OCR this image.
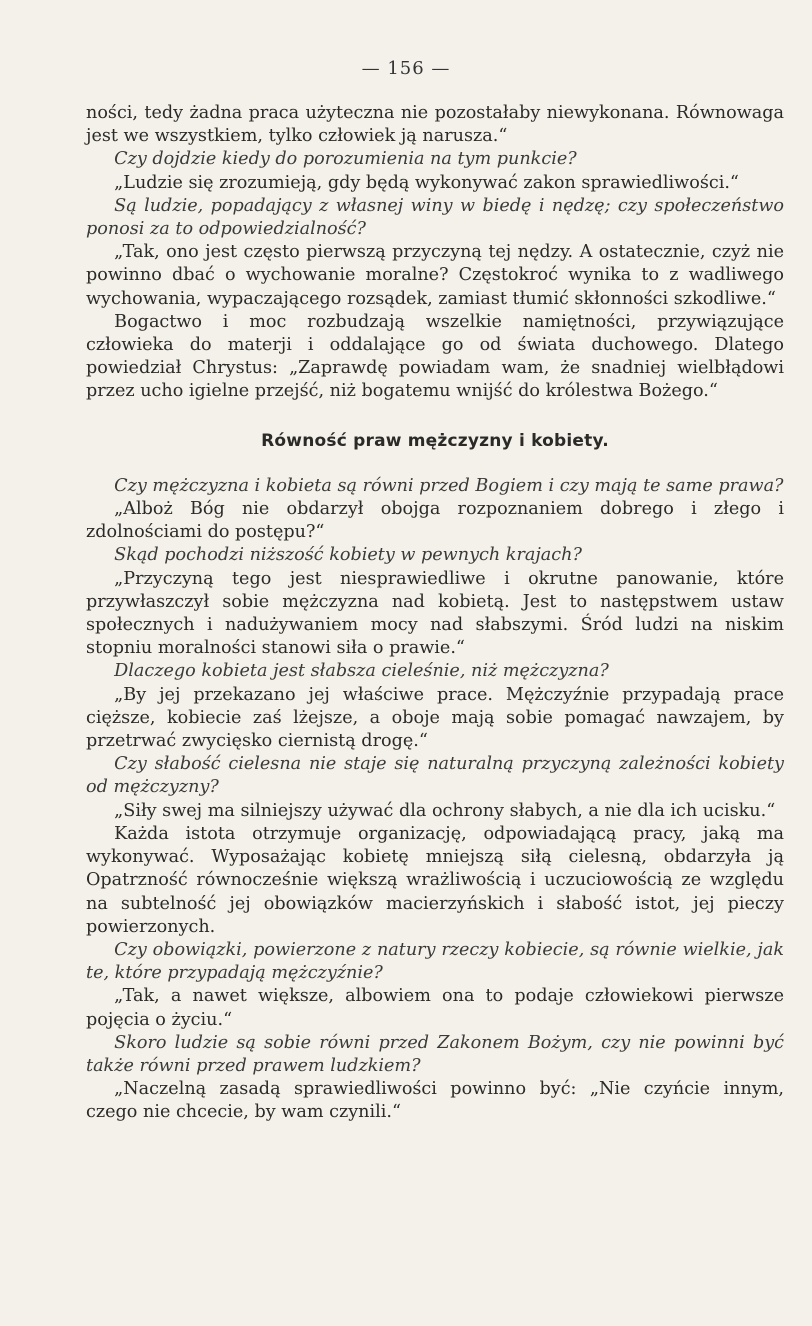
— 156 —

ności, tedy żadna praca użyteczna nie pozostałaby niewykonana. Równowaga jest we wszystkiem, tylko człowiek ją narusza.“

Czy dojdzie kiedy do porozumienia na tym punkcie?

„Ludzie się zrozumieją, gdy będą wykonywać zakon sprawiedliwości.“

Są ludzie, popadający z własnej winy w biedę i nędzę; czy społeczeństwo ponosi za to odpowiedzialność?

„Tak, ono jest często pierwszą przyczyną tej nędzy. A ostatecznie, czyż nie powinno dbać o wychowanie moralne? Częstokroć wynika to z wadliwego wychowania, wypaczającego rozsądek, zamiast tłumić skłonności szkodliwe.“

Bogactwo i moc rozbudzają wszelkie namiętności, przywiązujące człowieka do materji i oddalające go od świata duchowego. Dlatego powiedział Chrystus: „Zaprawdę powiadam wam, że snadniej wielbłądowi przez ucho igielne przejść, niż bogatemu wnijść do królestwa Bożego.“

Równość praw mężczyzny i kobiety.

Czy mężczyzna i kobieta są równi przed Bogiem i czy mają te same prawa?

„Alboż Bóg nie obdarzył obojga rozpoznaniem dobrego i złego i zdolnościami do postępu?“

Skąd pochodzi niższość kobiety w pewnych krajach?

„Przyczyną tego jest niesprawiedliwe i okrutne panowanie, które przywłaszczył sobie mężczyzna nad kobietą. Jest to następstwem ustaw społecznych i nadużywaniem mocy nad słabszymi. Śród ludzi na niskim stopniu moralności stanowi siła o prawie.“

Dlaczego kobieta jest słabsza cieleśnie, niż mężczyzna?

„By jej przekazano jej właściwe prace. Mężczyźnie przypadają prace cięższe, kobiecie zaś lżejsze, a oboje mają sobie pomagać nawzajem, by przetrwać zwycięsko ciernistą drogę.“

Czy słabość cielesna nie staje się naturalną przyczyną zależności kobiety od mężczyzny?

„Siły swej ma silniejszy używać dla ochrony słabych, a nie dla ich ucisku.“

Każda istota otrzymuje organizację, odpowiadającą pracy, jaką ma wykonywać. Wyposażając kobietę mniejszą siłą cielesną, obdarzyła ją Opatrzność równocześnie większą wrażliwością i uczuciowością ze względu na subtelność jej obowiązków macierzyńskich i słabość istot, jej pieczy powierzonych.

Czy obowiązki, powierzone z natury rzeczy kobiecie, są równie wielkie, jak te, które przypadają mężczyźnie?

„Tak, a nawet większe, albowiem ona to podaje człowiekowi pierwsze pojęcia o życiu.“

Skoro ludzie są sobie równi przed Zakonem Bożym, czy nie powinni być także równi przed prawem ludzkiem?

„Naczelną zasadą sprawiedliwości powinno być: „Nie czyńcie innym, czego nie chcecie, by wam czynili.“
